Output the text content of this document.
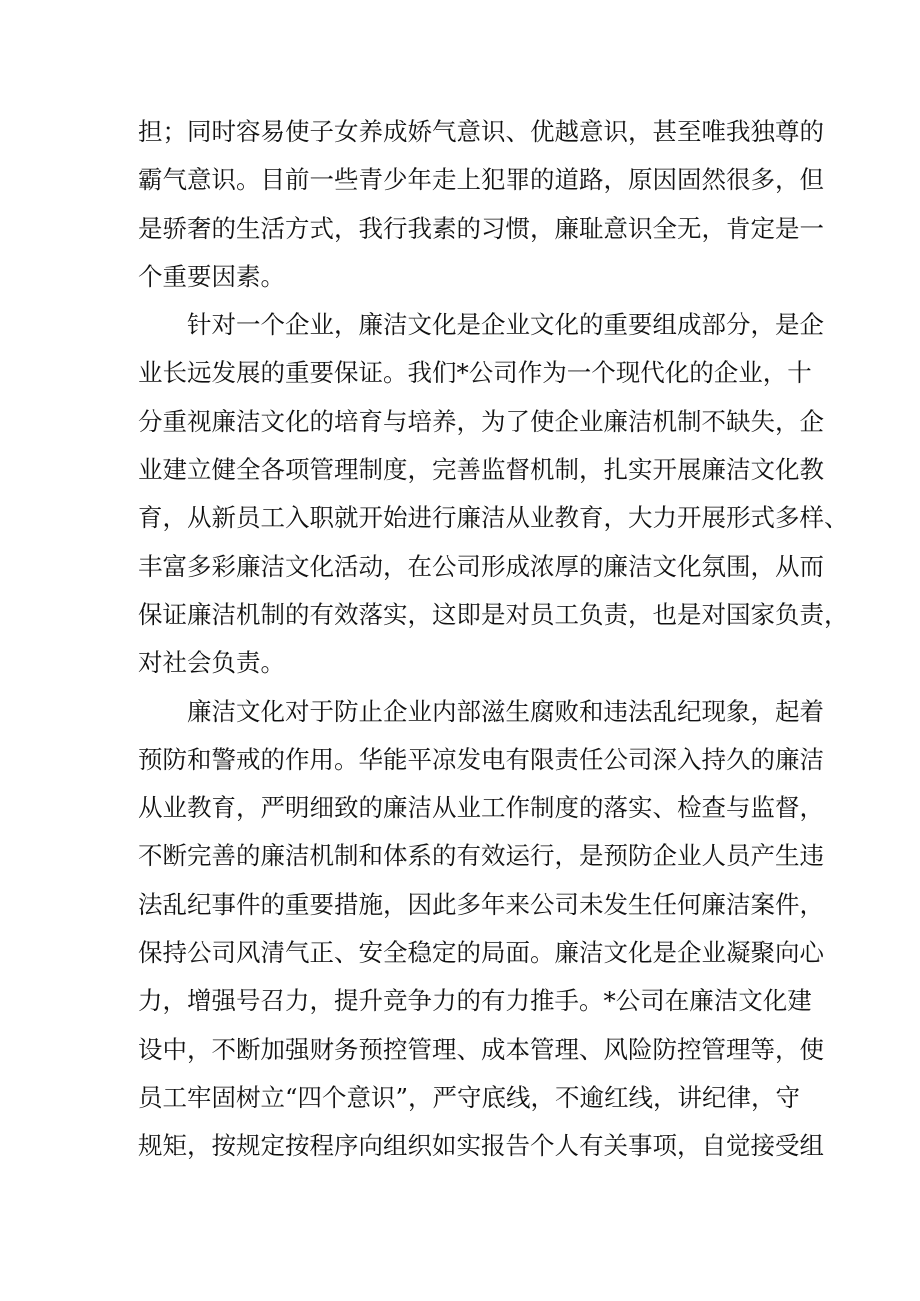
担；同时容易使子女养成娇气意识、优越意识，甚至唯我独尊的
霸气意识。目前一些青少年走上犯罪的道路，原因固然很多，但
是骄奢的生活方式，我行我素的习惯，廉耻意识全无，肯定是一
个重要因素。
针对一个企业，廉洁文化是企业文化的重要组成部分，是企
业长远发展的重要保证。我们*公司作为一个现代化的企业，十
分重视廉洁文化的培育与培养，为了使企业廉洁机制不缺失，企
业建立健全各项管理制度，完善监督机制，扎实开展廉洁文化教
育，从新员工入职就开始进行廉洁从业教育，大力开展形式多样、
丰富多彩廉洁文化活动，在公司形成浓厚的廉洁文化氛围，从而
保证廉洁机制的有效落实，这即是对员工负责，也是对国家负责，
对社会负责。
廉洁文化对于防止企业内部滋生腐败和违法乱纪现象，起着
预防和警戒的作用。华能平凉发电有限责任公司深入持久的廉洁
从业教育，严明细致的廉洁从业工作制度的落实、检查与监督，
不断完善的廉洁机制和体系的有效运行，是预防企业人员产生违
法乱纪事件的重要措施，因此多年来公司未发生任何廉洁案件，
保持公司风清气正、安全稳定的局面。廉洁文化是企业凝聚向心
力，增强号召力，提升竞争力的有力推手。*公司在廉洁文化建
设中，不断加强财务预控管理、成本管理、风险防控管理等，使
员工牢固树立“四个意识”，严守底线，不逾红线，讲纪律，守
规矩，按规定按程序向组织如实报告个人有关事项，自觉接受组
